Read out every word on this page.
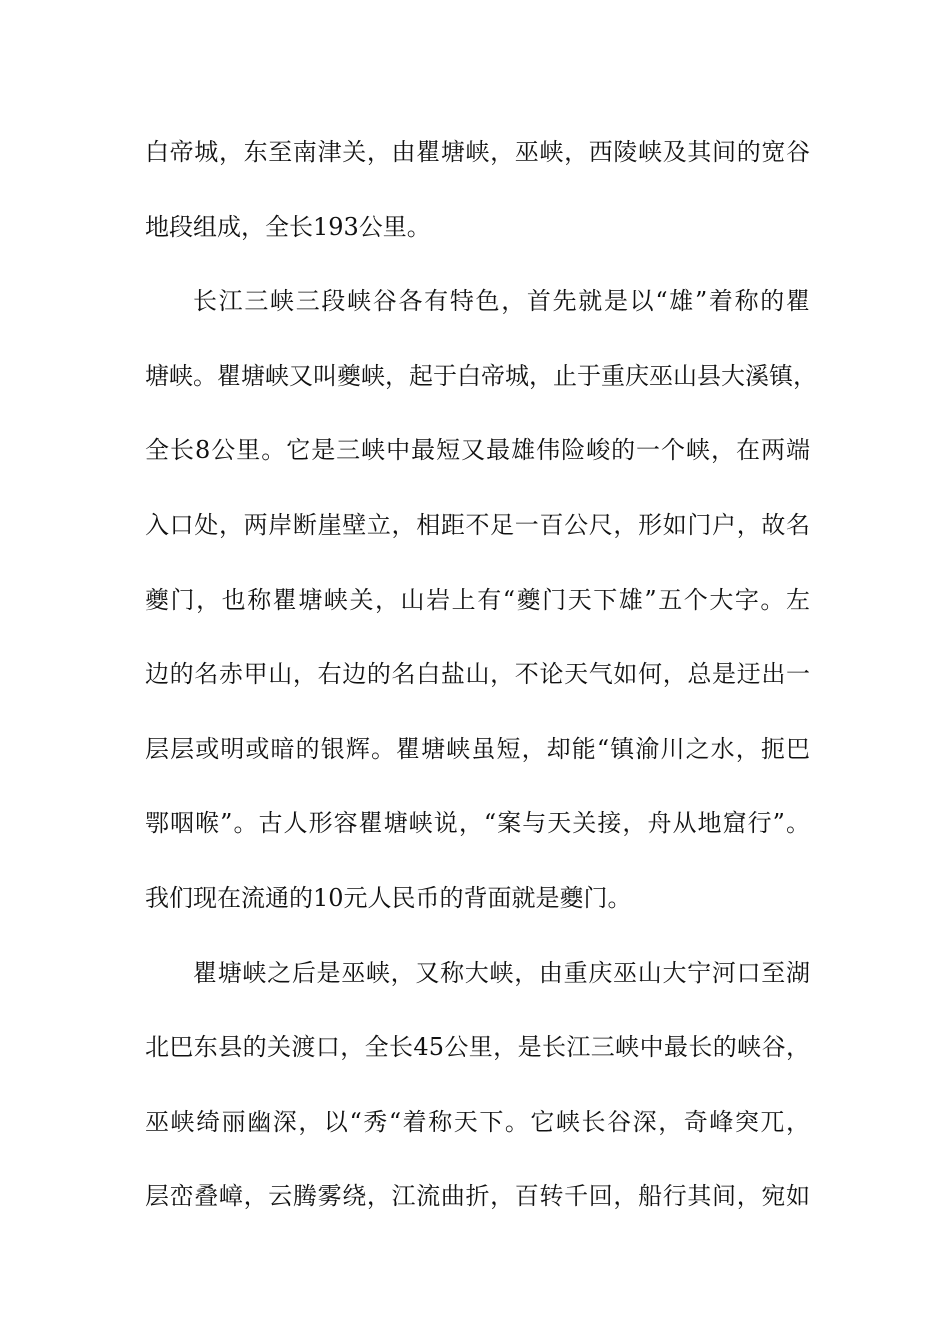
白帝城，东至南津关，由瞿塘峡，巫峡，西陵峡及其间的宽谷
地段组成，全长193公里。
长江三峡三段峡谷各有特色，首先就是以“雄”着称的瞿
塘峡。瞿塘峡又叫夔峡，起于白帝城，止于重庆巫山县大溪镇，
全长8公里。它是三峡中最短又最雄伟险峻的一个峡，在两端
入口处，两岸断崖壁立，相距不足一百公尺，形如门户，故名
夔门，也称瞿塘峡关，山岩上有“夔门天下雄”五个大字。左
边的名赤甲山，右边的名白盐山，不论天气如何，总是迂出一
层层或明或暗的银辉。瞿塘峡虽短，却能“镇渝川之水，扼巴
鄂咽喉”。古人形容瞿塘峡说，“案与天关接，舟从地窟行”。
我们现在流通的10元人民币的背面就是夔门。
瞿塘峡之后是巫峡，又称大峡，由重庆巫山大宁河口至湖
北巴东县的关渡口，全长45公里，是长江三峡中最长的峡谷，
巫峡绮丽幽深，以“秀“着称天下。它峡长谷深，奇峰突兀，
层峦叠嶂，云腾雾绕，江流曲折，百转千回，船行其间，宛如
